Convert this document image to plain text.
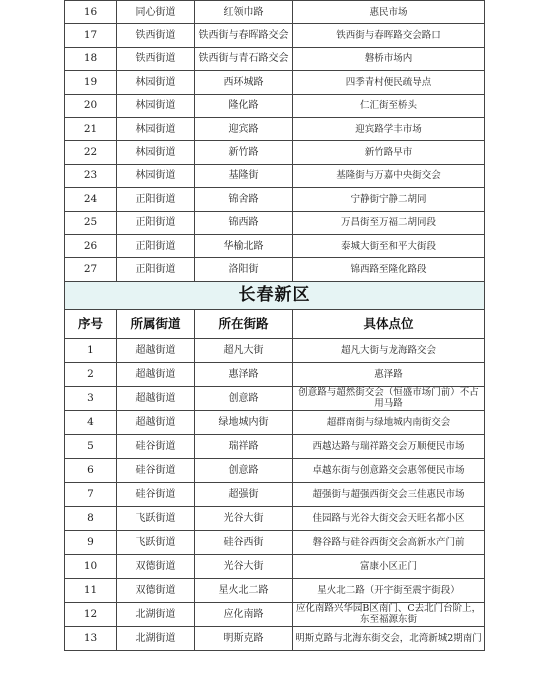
16	同心街道	红领巾路	惠民市场
17	铁西街道	铁西街与春晖路交会	铁西街与春晖路交会路口
18	铁西街道	铁西街与青石路交会	磐桥市场内
19	林园街道	西环城路	四季青村便民疏导点
20	林园街道	隆化路	仁汇街至桥头
21	林园街道	迎宾路	迎宾路学丰市场
22	林园街道	新竹路	新竹路早市
23	林园街道	基隆街	基隆街与万嘉中央街交会
24	正阳街道	锦舍路	宁静街宁静二胡同
25	正阳街道	锦西路	万昌街至万福二胡同段
26	正阳街道	华榆北路	泰城大街至和平大街段
27	正阳街道	洛阳街	锦西路至隆化路段
长春新区			
序号	所属街道	所在街路	具体点位
1	超越街道	超凡大街	超凡大街与龙海路交会
2	超越街道	惠泽路	惠泽路
3	超越街道	创意路	创意路与超然街交会（恒盛市场门前）不占用马路
4	超越街道	绿地城内街	超群南街与绿地城内南街交会
5	硅谷街道	瑞祥路	西越达路与瑞祥路交会万顺便民市场
6	硅谷街道	创意路	卓越东街与创意路交会惠邻便民市场
7	硅谷街道	超强街	超强街与超强西街交会三佳惠民市场
8	飞跃街道	光谷大街	佳园路与光谷大街交会天旺名都小区
9	飞跃街道	硅谷西街	磐谷路与硅谷西街交会高新水产门前
10	双德街道	光谷大街	富康小区正门
11	双德街道	星火北二路	星火北二路（开宇街至震宇街段）
12	北湖街道	应化南路	应化南路兴华园B区南门、C去北门台阶上，东至福源东街
13	北湖街道	明斯克路	明斯克路与北海东街交会，北湾新城2期南门
